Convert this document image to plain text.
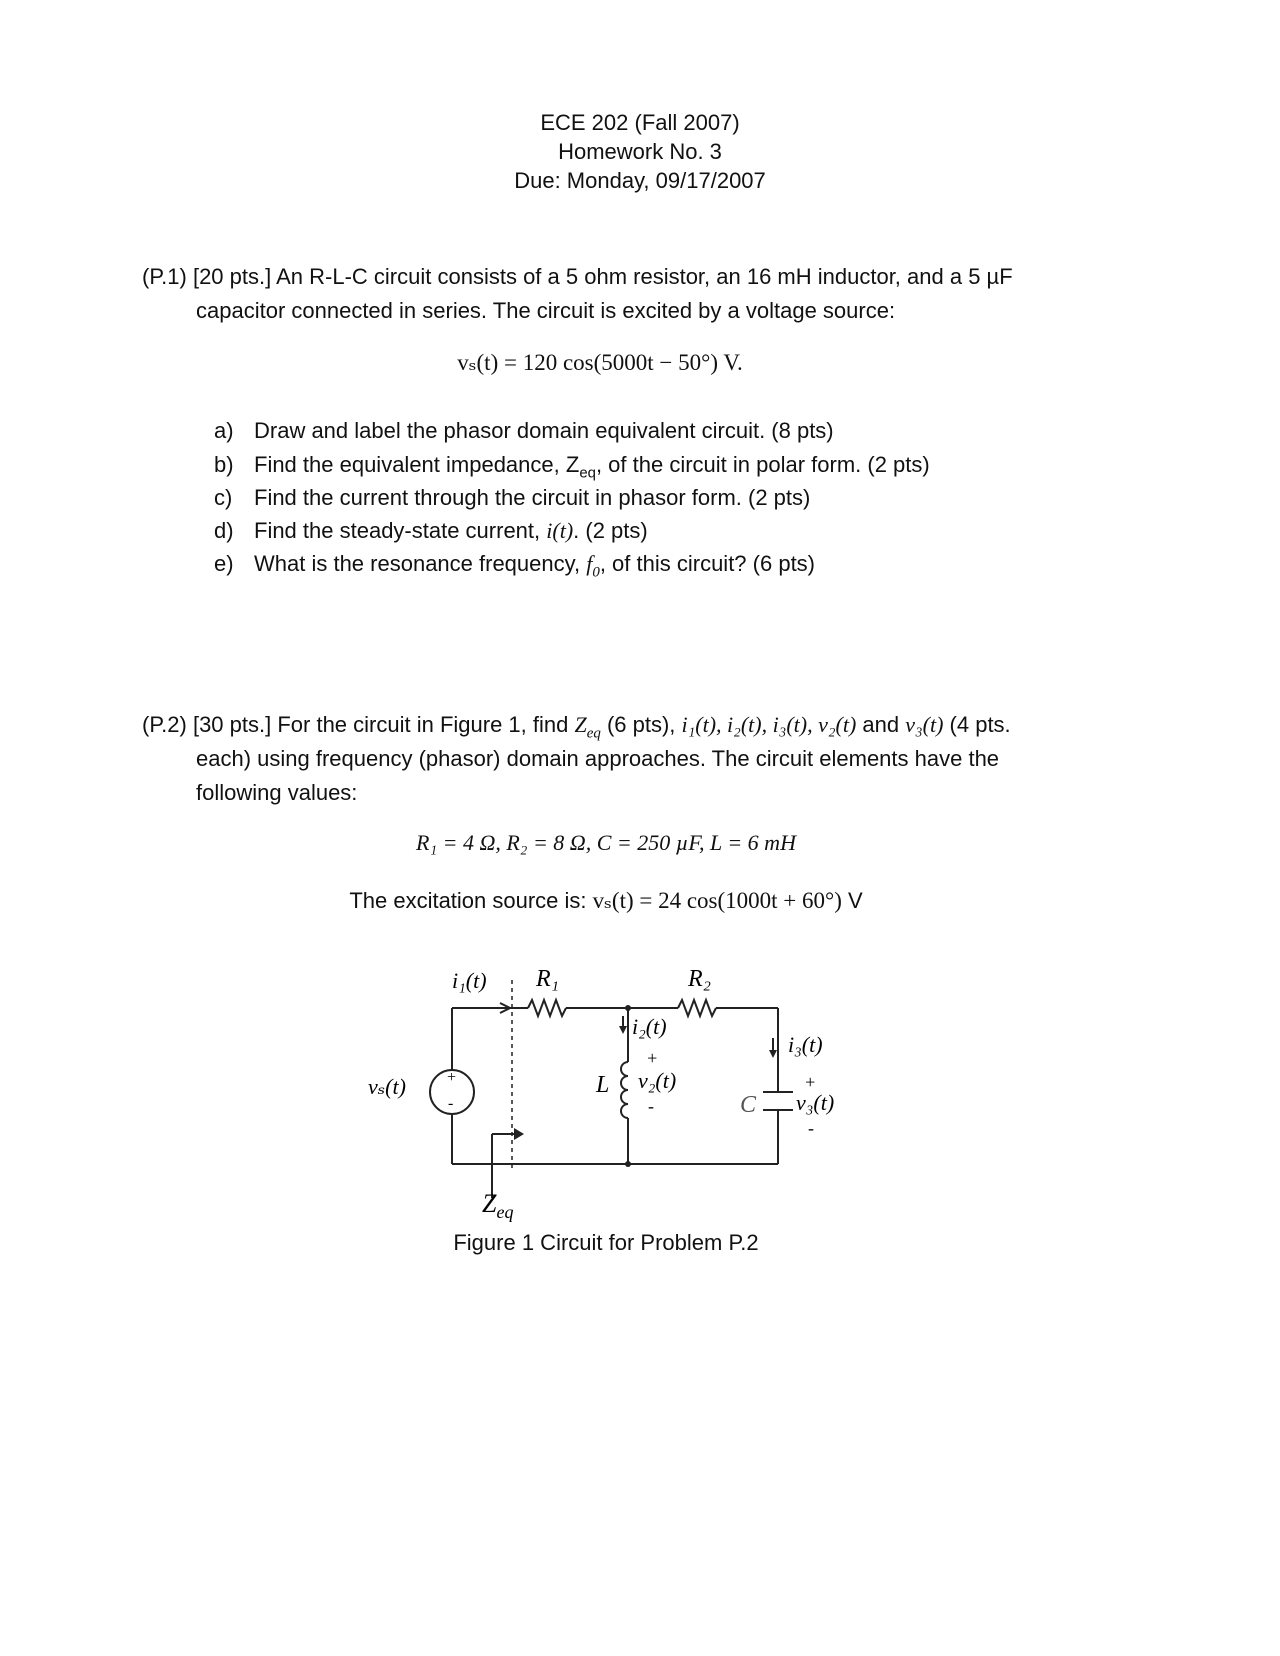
ECE 202 (Fall 2007)
Homework No. 3
Due: Monday, 09/17/2007
(P.1) [20 pts.] An R-L-C circuit consists of a 5 ohm resistor, an 16 mH inductor, and a 5 µF
capacitor connected in series. The circuit is excited by a voltage source:
vₛ(t) = 120 cos(5000t − 50°) V.
a) Draw and label the phasor domain equivalent circuit. (8 pts)
b) Find the equivalent impedance, $Z_{eq}$, of the circuit in polar form. (2 pts)
c) Find the current through the circuit in phasor form. (2 pts)
d) Find the steady-state current, i(t). (2 pts)
e) What is the resonance frequency, $f_0$, of this circuit? (6 pts)
(P.2) [30 pts.] For the circuit in Figure 1, find $Z_{eq}$ (6 pts), i₁(t), i₂(t), i₃(t), v₂(t) and v₃(t) (4 pts.
each) using frequency (phasor) domain approaches. The circuit elements have the
following values:
R₁ = 4 Ω, R₂ = 8 Ω, C = 250 µF, L = 6 mH
The excitation source is: vₛ(t) = 24 cos(1000t + 60°) V
+
-
i₁(t) R₁	R₂
i₂(t)
i₃(t)
vₛ(t)	L
+
v₂(t)
-	C
+
v₃(t)
-
$Z_{eq}$
Figure 1 Circuit for Problem P.2
